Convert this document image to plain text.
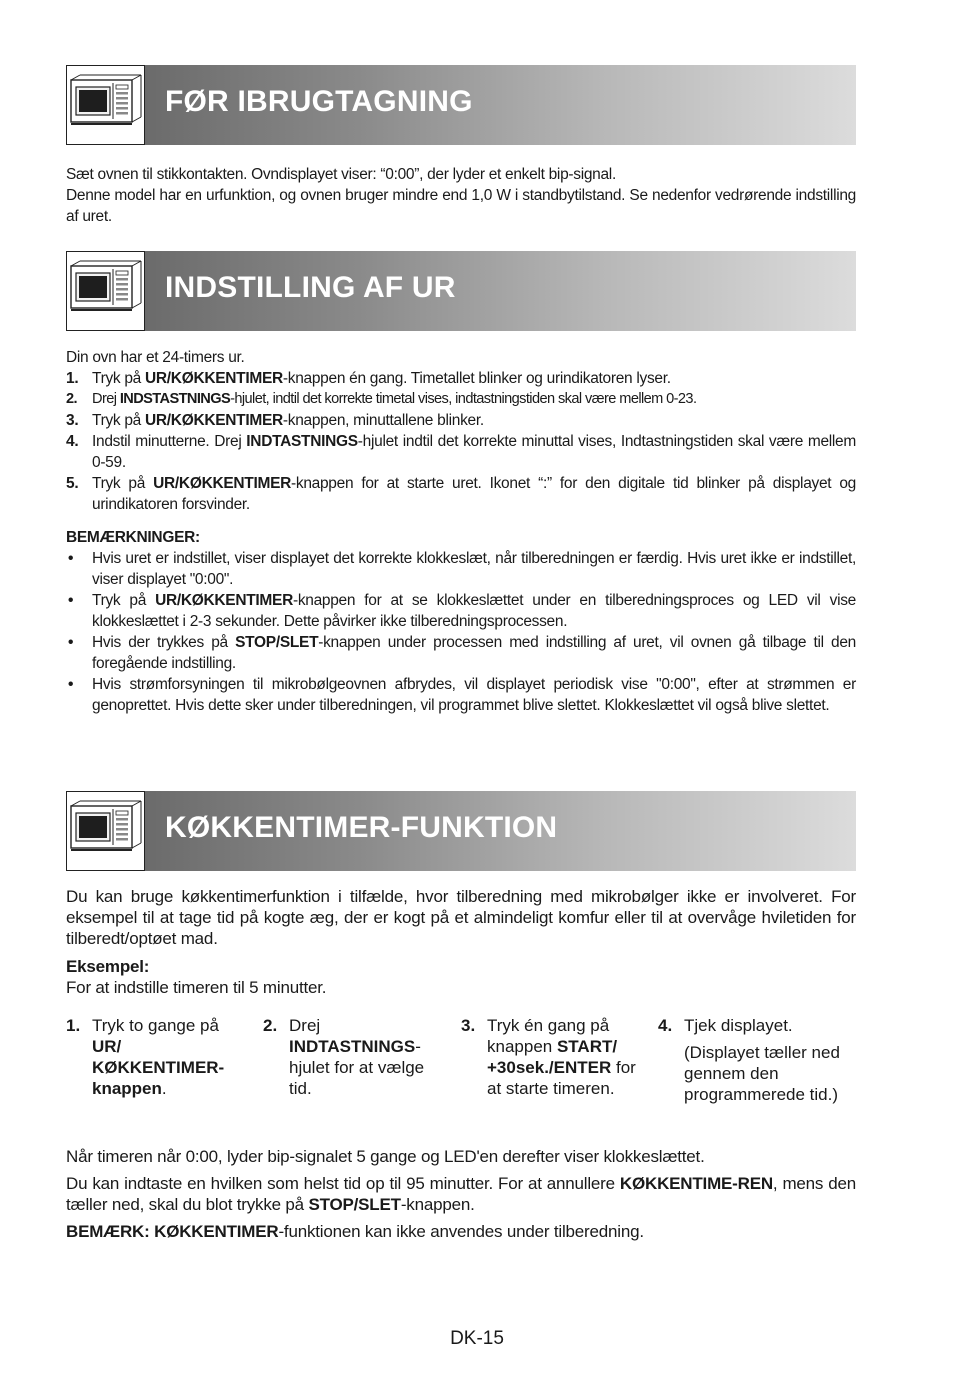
FØR IBRUGTAGNING
Sæt ovnen til stikkontakten. Ovndisplayet viser: “0:00”, der lyder et enkelt bip-signal.
Denne model har en urfunktion, og ovnen bruger mindre end 1,0 W i standbytilstand. Se nedenfor vedrørende indstilling af uret.
INDSTILLING AF UR
Din ovn har et 24-timers ur.
1. Tryk på UR/KØKKENTIMER-knappen én gang. Timetallet blinker og urindikatoren lyser.
2. Drej INDSTASTNINGS-hjulet, indtil det korrekte timetal vises, indtastningstiden skal være mellem 0-23.
3. Tryk på UR/KØKKENTIMER-knappen, minuttallene blinker.
4. Indstil minutterne. Drej INDTASTNINGS-hjulet indtil det korrekte minuttal vises, Indtastningstiden skal være mellem 0-59.
5. Tryk på UR/KØKKENTIMER-knappen for at starte uret. Ikonet “:” for den digitale tid blinker på displayet og urindikatoren forsvinder.
BEMÆRKNINGER:
• Hvis uret er indstillet, viser displayet det korrekte klokkeslæt, når tilberedningen er færdig. Hvis uret ikke er indstillet, viser displayet "0:00".
• Tryk på UR/KØKKENTIMER-knappen for at se klokkeslættet under en tilberedningsproces og LED vil vise klokkeslættet i 2-3 sekunder. Dette påvirker ikke tilberedningsprocessen.
• Hvis der trykkes på STOP/SLET-knappen under processen med indstilling af uret, vil ovnen gå tilbage til den foregående indstilling.
• Hvis strømforsyningen til mikrobølgeovnen afbrydes, vil displayet periodisk vise "0:00", efter at strømmen er genoprettet. Hvis dette sker under tilberedningen, vil programmet blive slettet. Klokkeslættet vil også blive slettet.
KØKKENTIMER-FUNKTION
Du kan bruge køkkentimerfunktion i tilfælde, hvor tilberedning med mikrobølger ikke er involveret. For eksempel til at tage tid på kogte æg, der er kogt på et almindeligt komfur eller til at overvåge hviletiden for tilberedt/optøet mad.
Eksempel:
For at indstille timeren til 5 minutter.
1. Tryk to gange på UR/ KØKKENTIMER-knappen.
2. Drej INDTASTNINGS-hjulet for at vælge tid.
3. Tryk én gang på knappen START/ +30sek./ENTER for at starte timeren.
4. Tjek displayet.
(Displayet tæller ned gennem den programmerede tid.)
Når timeren når 0:00, lyder bip-signalet 5 gange og LED'en derefter viser klokkeslættet.
Du kan indtaste en hvilken som helst tid op til 95 minutter. For at annullere KØKKENTIME-REN, mens den tæller ned, skal du blot trykke på STOP/SLET-knappen.
BEMÆRK: KØKKENTIMER-funktionen kan ikke anvendes under tilberedning.
DK-15
